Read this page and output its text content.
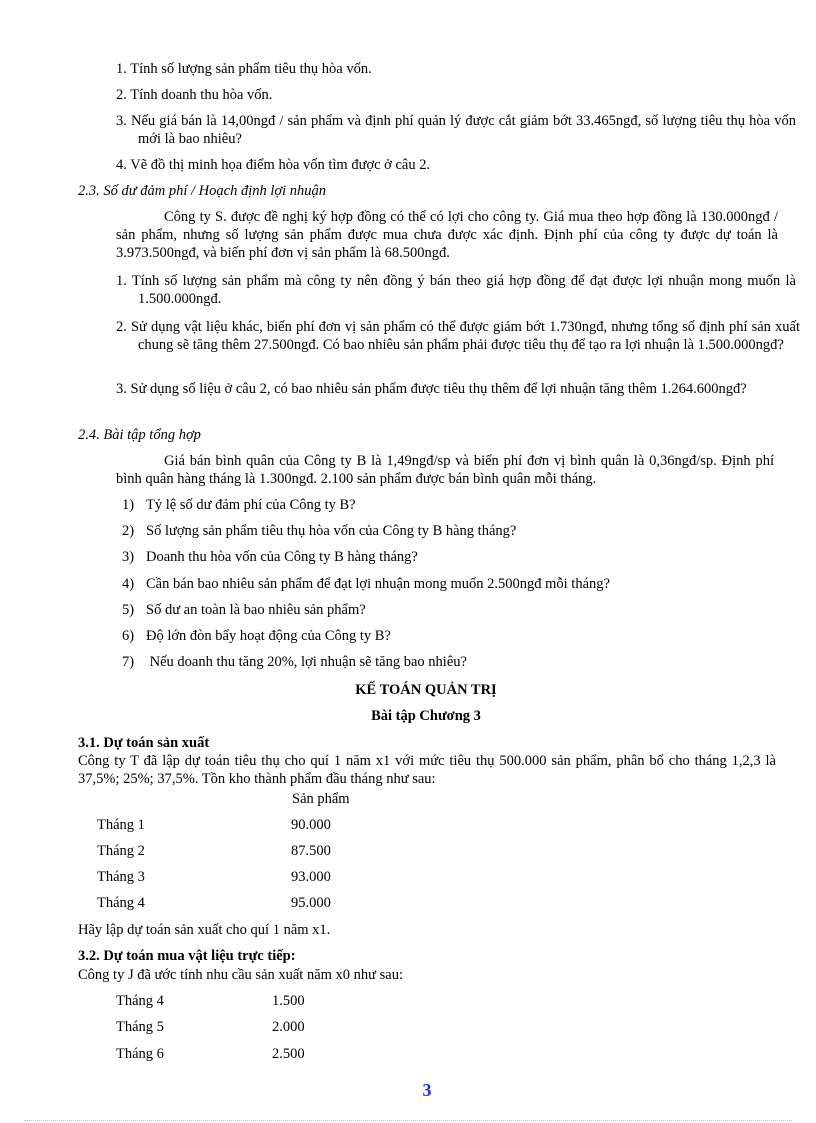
1. Tính số lượng sản phẩm tiêu thụ hòa vốn.
2. Tính doanh thu hòa vốn.
3. Nếu giá bán là 14,00ngđ / sản phẩm và định phí quản lý được cắt giảm bớt 33.465ngđ, số lượng tiêu thụ hòa vốn mới là bao nhiêu?
4. Vẽ đồ thị minh họa điểm hòa vốn tìm được ở câu 2.
2.3. Số dư đảm phí / Hoạch định lợi nhuận
Công ty S. được đề nghị ký hợp đồng có thể có lợi cho công ty. Giá mua theo hợp đồng là 130.000ngđ / sản phẩm, nhưng số lượng sản phẩm được mua chưa được xác định. Định phí của công ty được dự toán là 3.973.500ngđ, và biến phí đơn vị sản phẩm là 68.500ngđ.
1. Tính số lượng sản phẩm mà công ty nên đồng ý bán theo giá hợp đồng để đạt được lợi nhuận mong muốn là 1.500.000ngđ.
2. Sử dụng vật liệu khác, biến phí đơn vị sản phẩm có thể được giảm bớt 1.730ngđ, nhưng tổng số định phí sản xuất chung sẽ tăng thêm 27.500ngđ. Có bao nhiêu sản phẩm phải được tiêu thụ để tạo ra lợi nhuận là 1.500.000ngđ?
3. Sử dụng số liệu ở câu 2, có bao nhiêu sản phẩm được tiêu thụ thêm để lợi nhuận tăng thêm 1.264.600ngđ?
2.4. Bài tập tổng hợp
Giá bán bình quân của Công ty B là 1,49ngđ/sp và biến phí đơn vị bình quân là 0,36ngđ/sp. Định phí bình quân hàng tháng là 1.300ngđ. 2.100 sản phẩm được bán bình quân mỗi tháng.
1) Tỷ lệ số dư đảm phí của Công ty B?
2) Số lượng sản phẩm tiêu thụ hòa vốn của Công ty B hàng tháng?
3) Doanh thu hòa vốn của Công ty B hàng tháng?
4) Cần bán bao nhiêu sản phẩm để đạt lợi nhuận mong muốn 2.500ngđ mỗi tháng?
5) Số dư an toàn là bao nhiêu sản phẩm?
6) Độ lớn đòn bẩy hoạt động của Công ty B?
7) Nếu doanh thu tăng 20%, lợi nhuận sẽ tăng bao nhiêu?
KẾ TOÁN QUẢN TRỊ
Bài tập Chương 3
3.1. Dự toán sản xuất
Công ty T đã lập dự toán tiêu thụ cho quí 1 năm x1 với mức tiêu thụ 500.000 sản phẩm, phân bổ cho tháng 1,2,3 là 37,5%; 25%; 37,5%. Tồn kho thành phẩm đầu tháng như sau:
Sản phẩm
Tháng 1	90.000
Tháng 2	87.500
Tháng 3	93.000
Tháng 4	95.000
Hãy lập dự toán sản xuất cho quí 1 năm x1.
3.2. Dự toán mua vật liệu trực tiếp:
Công ty J đã ước tính nhu cầu sản xuất năm x0 như sau:
Tháng 4	1.500
Tháng 5	2.000
Tháng 6	2.500
3
